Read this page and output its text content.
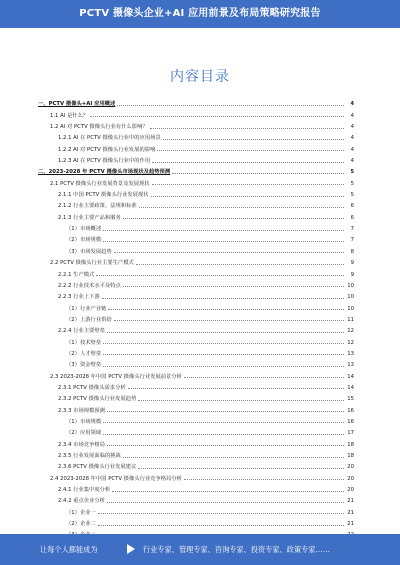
PCTV 摄像头企业+AI 应用前景及布局策略研究报告
内容目录
一、PCTV 摄像头+AI 应用概述	4
1.1 AI 是什么？	4
1.2 AI 对 PCTV 摄像头行业有什么影响？	4
1.2.1 AI 在 PCTV 摄像头行业中的应用场景	4
1.2.2 AI 对 PCTV 摄像头行业发展的影响	4
1.2.3 AI 在 PCTV 摄像头行业中的作用	4
二、2023-2028 年 PCTV 摄像头市场现状及趋势预测	5
2.1 PCTV 摄像头行业发展背景及发展现状	5
2.1.1 中国 PCTV 摄像头行业发展现状	5
2.1.2 行业主要政策、法规和标准	6
2.1.3 行业主要产品和服务	6
（1）市场概述	7
（2）市场规模	7
（3）市场发展趋势	8
2.2 PCTV 摄像头行业主要生产模式	9
2.2.1 生产模式	9
2.2.2 行业技术水平及特点	10
2.2.3 行业上下游	10
（1）行业产业链	10
（2）上游行业供给	11
2.2.4 行业主要壁垒	12
（1）技术壁垒	12
（2）人才壁垒	13
（3）资金壁垒	13
2.3 2023-2028 年中国 PCTV 摄像头行业发展前景分析	14
2.3.1 PCTV 摄像头需求分析	14
2.3.2 PCTV 摄像头行业发展趋势	15
2.3.3 市场规模预测	16
（1）市场规模	16
（2）应用领域	17
2.3.4 市场竞争格局	18
2.3.5 行业发展面临的挑战	18
2.3.6 PCTV 摄像头行业发展建议	20
2.4 2023-2028 年中国 PCTV 摄像头行业竞争格局分析	20
2.4.1 行业集中度分析	20
2.4.2 重点企业分析	21
（1）企业一	21
（2）企业二	21
让每个人都能成为	行业专家、管理专家、咨询专家、投资专家、政策专家……
